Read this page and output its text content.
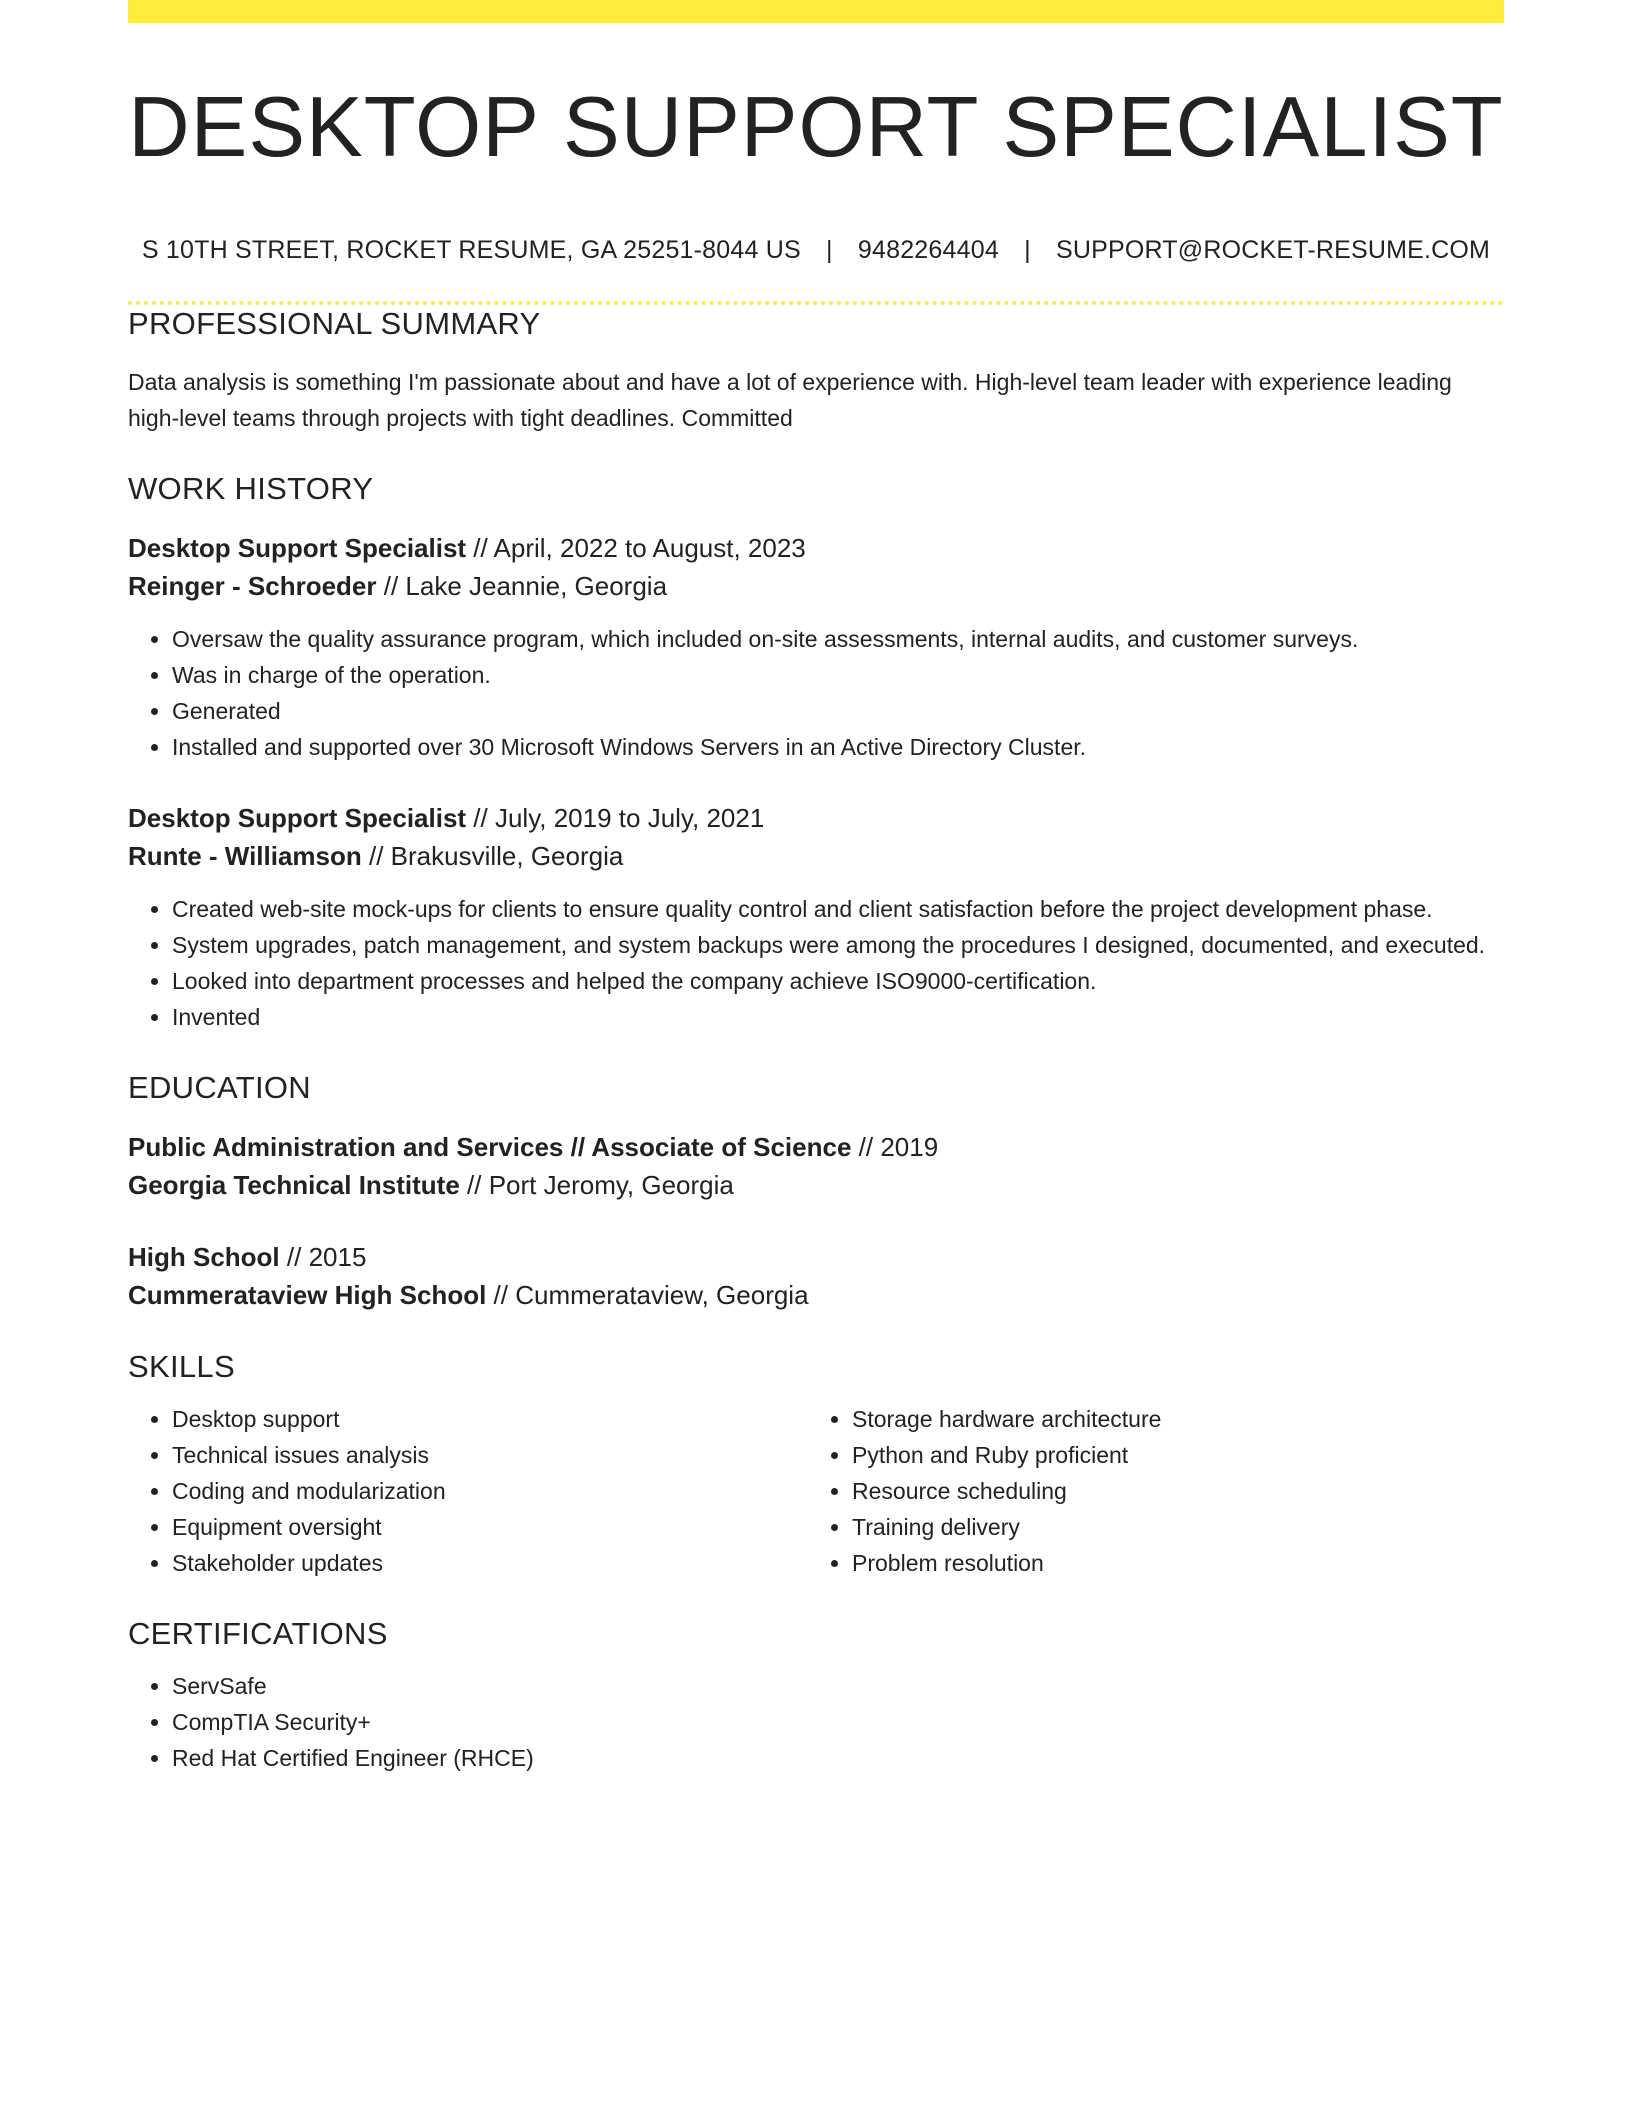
DESKTOP SUPPORT SPECIALIST
S 10TH STREET, ROCKET RESUME, GA 25251-8044 US | 9482264404 | SUPPORT@ROCKET-RESUME.COM
PROFESSIONAL SUMMARY
Data analysis is something I'm passionate about and have a lot of experience with. High-level team leader with experience leading high-level teams through projects with tight deadlines. Committed
WORK HISTORY
Desktop Support Specialist // April, 2022 to August, 2023
Reinger - Schroeder // Lake Jeannie, Georgia
• Oversaw the quality assurance program, which included on-site assessments, internal audits, and customer surveys.
• Was in charge of the operation.
• Generated
• Installed and supported over 30 Microsoft Windows Servers in an Active Directory Cluster.
Desktop Support Specialist // July, 2019 to July, 2021
Runte - Williamson // Brakusville, Georgia
• Created web-site mock-ups for clients to ensure quality control and client satisfaction before the project development phase.
• System upgrades, patch management, and system backups were among the procedures I designed, documented, and executed.
• Looked into department processes and helped the company achieve ISO9000-certification.
• Invented
EDUCATION
Public Administration and Services // Associate of Science // 2019
Georgia Technical Institute // Port Jeromy, Georgia
High School // 2015
Cummerataview High School // Cummerataview, Georgia
SKILLS
• Desktop support
• Technical issues analysis
• Coding and modularization
• Equipment oversight
• Stakeholder updates
• Storage hardware architecture
• Python and Ruby proficient
• Resource scheduling
• Training delivery
• Problem resolution
CERTIFICATIONS
• ServSafe
• CompTIA Security+
• Red Hat Certified Engineer (RHCE)
